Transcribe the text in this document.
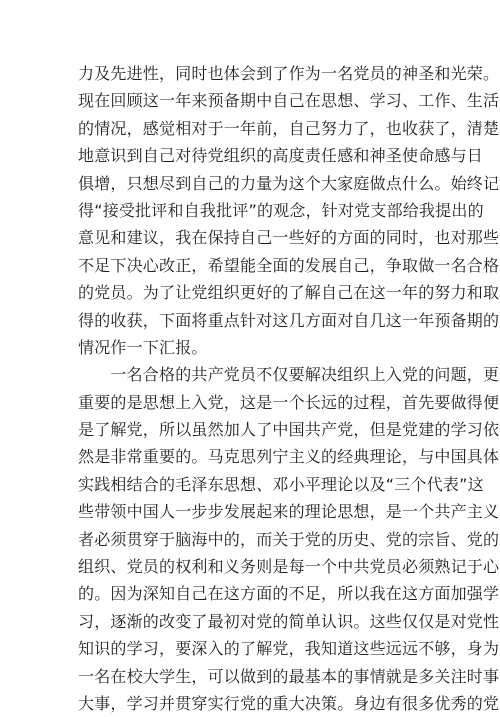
力及先进性，同时也体会到了作为一名党员的神圣和光荣。
现在回顾这一年来预备期中自己在思想、学习、工作、生活
的情况，感觉相对于一年前，自己努力了，也收获了，清楚
地意识到自己对待党组织的高度责任感和神圣使命感与日
俱增，只想尽到自己的力量为这个大家庭做点什么。始终记
得“接受批评和自我批评”的观念，针对党支部给我提出的
意见和建议，我在保持自己一些好的方面的同时，也对那些
不足下决心改正，希望能全面的发展自己，争取做一名合格
的党员。为了让党组织更好的了解自己在这一年的努力和取
得的收获，下面将重点针对这几方面对自几这一年预备期的
情况作一下汇报。
　　一名合格的共产党员不仅要解决组织上入党的问题，更
重要的是思想上入党，这是一个长远的过程，首先要做得便
是了解党，所以虽然加人了中国共产党，但是党建的学习依
然是非常重要的。马克思列宁主义的经典理论，与中国具体
实践相结合的毛泽东思想、邓小平理论以及“三个代表”这
些带领中国人一步步发展起来的理论思想，是一个共产主义
者必须贯穿于脑海中的，而关于党的历史、党的宗旨、党的
组织、党员的权利和义务则是每一个中共党员必须熟记于心
的。因为深知自己在这方面的不足，所以我在这方面加强学
习，逐渐的改变了最初对党的简单认识。这些仅仅是对党性
知识的学习，要深入的了解党，我知道这些远远不够，身为
一名在校大学生，可以做到的最基本的事情就是多关注时事
大事，学习并贯穿实行党的重大决策。身边有很多优秀的党
